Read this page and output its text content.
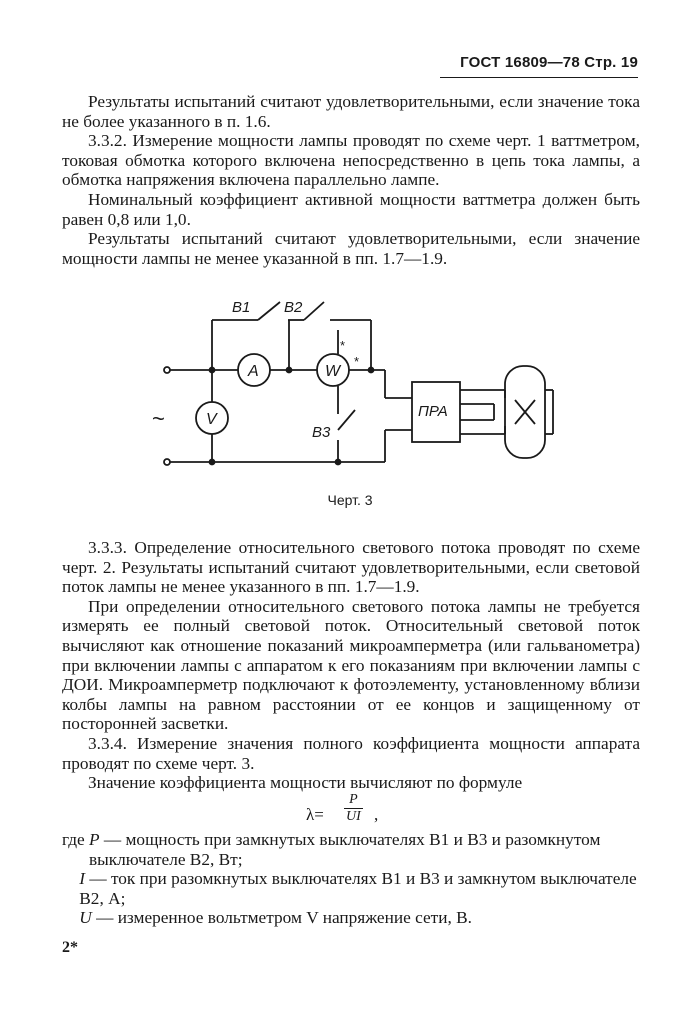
ГОСТ 16809—78 Стр. 19

Результаты испытаний считают удовлетворительными, если значение тока не более указанного в п. 1.6.

3.3.2. Измерение мощности лампы проводят по схеме черт. 1 ваттметром, токовая обмотка которого включена непосредственно в цепь тока лампы, а обмотка напряжения включена параллельно лампе.

Номинальный коэффициент активной мощности ваттметра должен быть равен 0,8 или 1,0.

Результаты испытаний считают удовлетворительными, если значение мощности лампы не менее указанной в пп. 1.7—1.9.

B1 B2
B3
A	W
V	ПРА
~
*
*
Черт. 3

3.3.3. Определение относительного светового потока проводят по схеме черт. 2. Результаты испытаний считают удовлетворительными, если световой поток лампы не менее указанного в пп. 1.7—1.9.

При определении относительного светового потока лампы не требуется измерять ее полный световой поток. Относительный световой поток вычисляют как отношение показаний микроамперметра (или гальванометра) при включении лампы с аппаратом к его показаниям при включении лампы с ДОИ. Микроамперметр подключают к фотоэлементу, установленному вблизи колбы лампы на равном расстоянии от ее концов и защищенному от посторонней засветки.

3.3.4. Измерение значения полного коэффициента мощности аппарата проводят по схеме черт. 3.

Значение коэффициента мощности вычисляют по формуле

$\lambda= \frac{P}{UI}$ ,
где P — мощность при замкнутых выключателях B1 и B3 и разомкнутом выключателе B2, Вт;

I — ток при разомкнутых выключателях B1 и B3 и замкнутом выключателе B2, А;

U — измеренное вольтметром V напряжение сети, В.
2*
